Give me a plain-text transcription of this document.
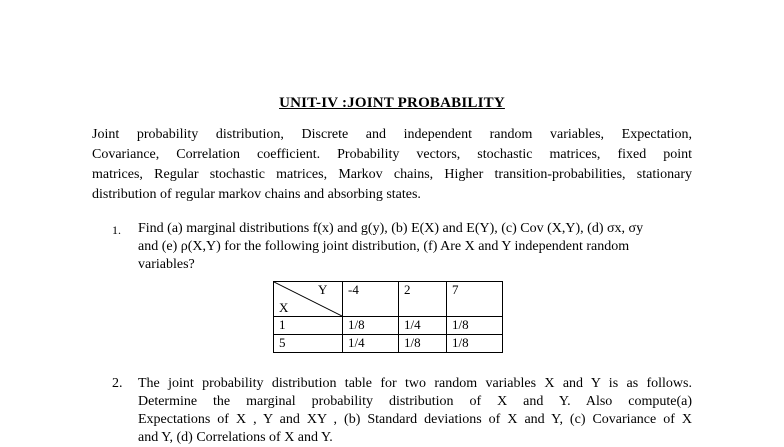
UNIT-IV :JOINT PROBABILITY
Joint probability distribution, Discrete and independent random variables, Expectation,
Covariance, Correlation coefficient. Probability vectors, stochastic matrices, fixed point
matrices, Regular stochastic matrices, Markov chains, Higher transition-probabilities, stationary
distribution of regular markov chains and absorbing states.
1. Find (a) marginal distributions f(x) and g(y), (b) E(X) and E(Y), (c) Cov (X,Y), (d) σx, σy
and (e) ρ(X,Y) for the following joint distribution, (f) Are X and Y independent random
variables?
Y
X	-4	2	7
1	1/8	1/4	1/8
5	1/4	1/8	1/8
2. The joint probability distribution table for two random variables X and Y is as follows.
Determine the marginal probability distribution of X and Y. Also compute(a)
Expectations of X , Y and XY , (b) Standard deviations of X and Y, (c) Covariance of X
and Y, (d) Correlations of X and Y.
